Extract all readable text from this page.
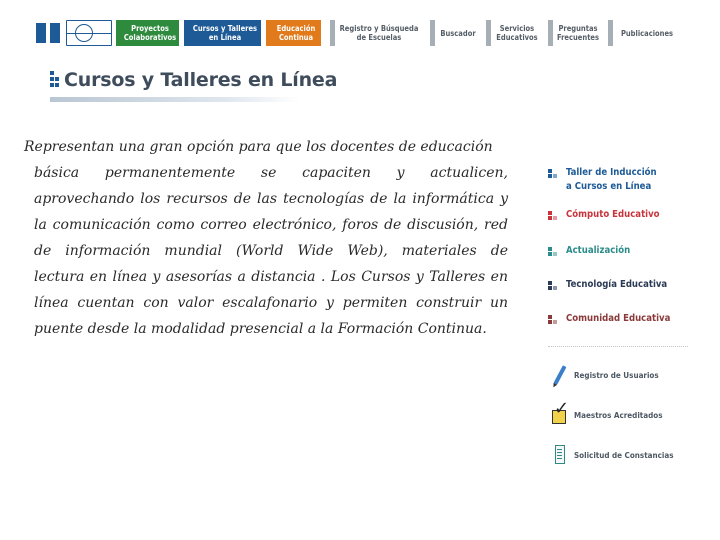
Proyectos
Colaborativos
Cursos y Talleres
en Línea
Educación
Continua
Registro y Búsqueda
de Escuelas	Buscador	Servicios
Educativos
Preguntas
Frecuentes	Publicaciones
Cursos y Talleres en Línea
Representan una gran opción para que los docentes de educación
básica permanentemente se capaciten y actualicen,
aprovechando los recursos de las tecnologías de la informática y
la comunicación como correo electrónico, foros de discusión, red
de información mundial (World Wide Web), materiales de
lectura en línea y asesorías a distancia . Los Cursos y Talleres en
línea cuentan con valor escalafonario y permiten construir un
puente desde la modalidad presencial a la Formación Continua.
Taller de Inducción
a Cursos en Línea
Cómputo Educativo
Actualización
Tecnología Educativa
Comunidad Educativa
Registro de Usuarios
✓ Maestros Acreditados
Solicitud de Constancias
